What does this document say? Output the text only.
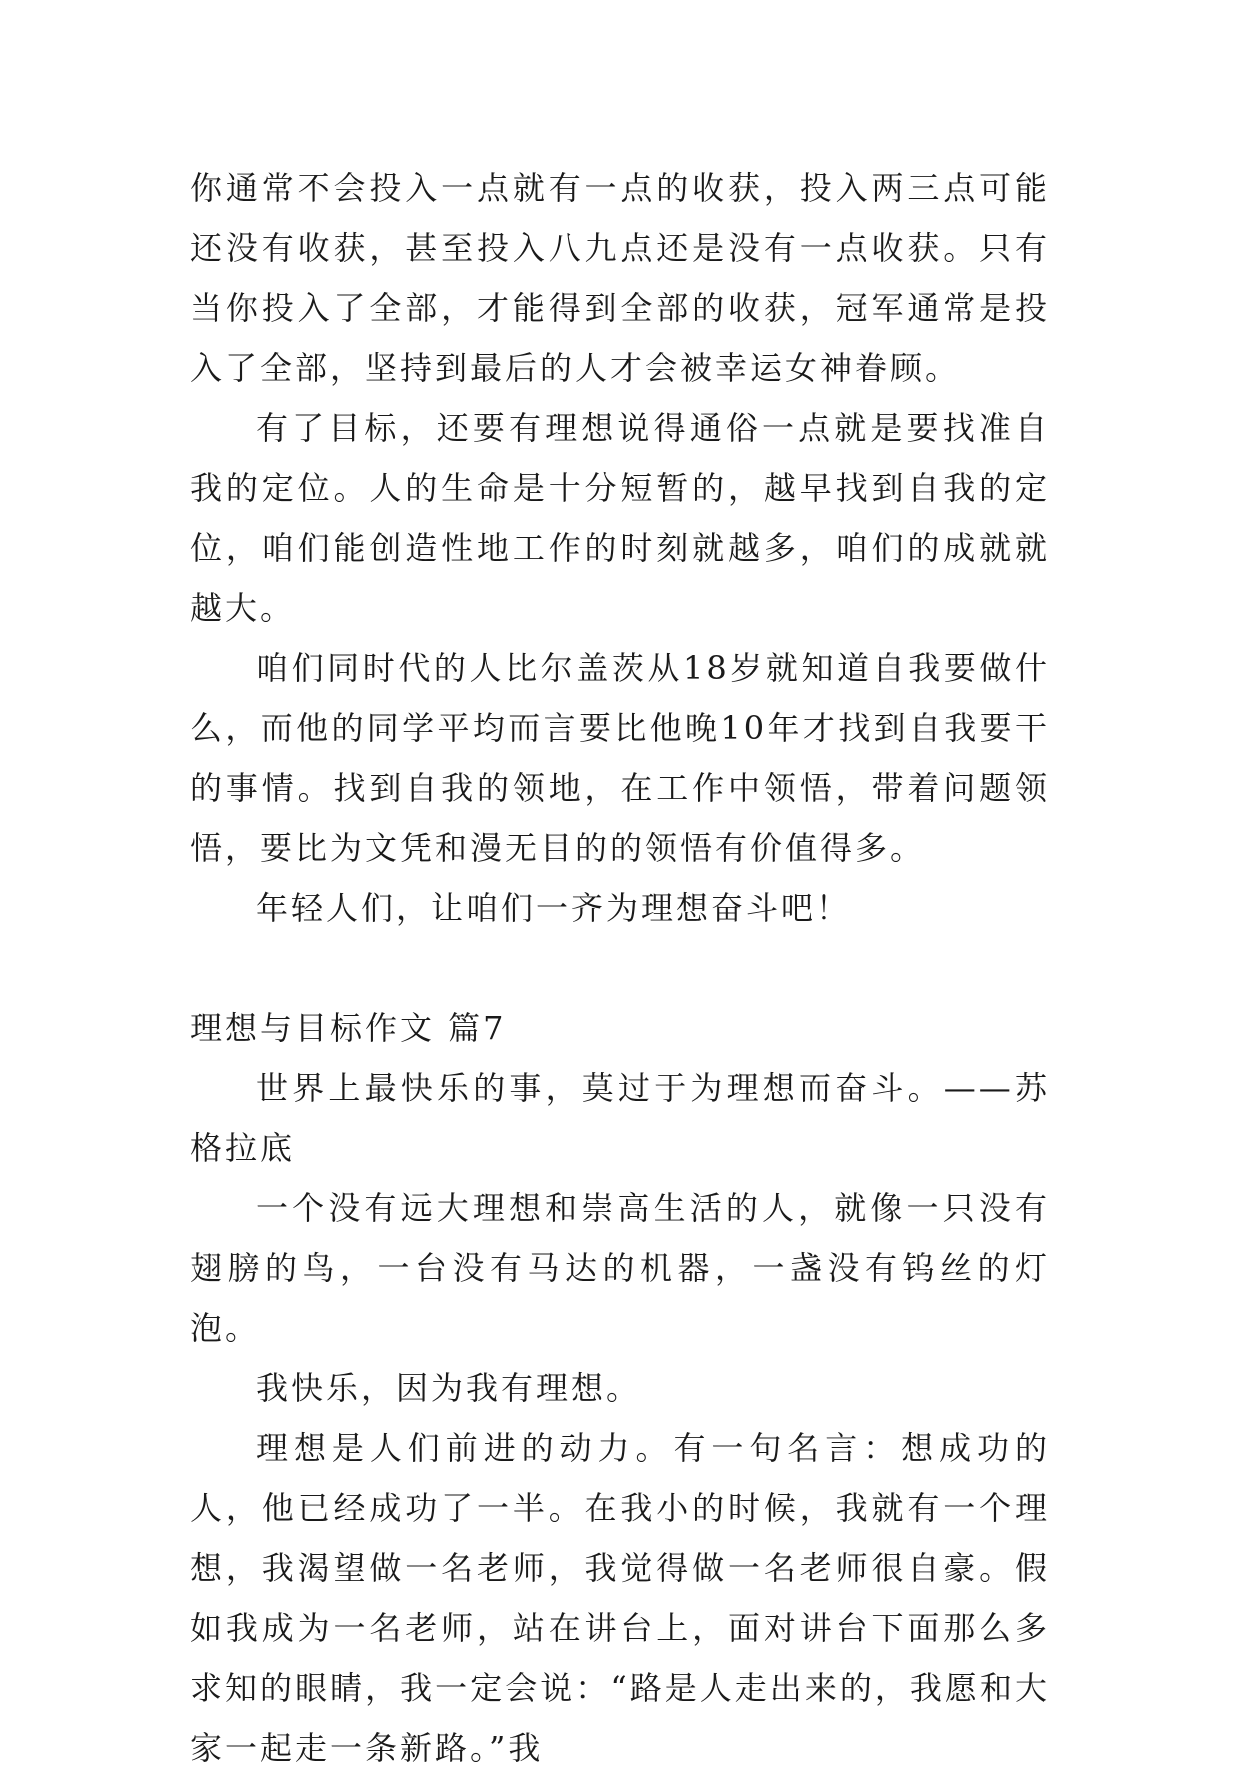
你通常不会投入一点就有一点的收获，投入两三点可能还没有收获，甚至投入八九点还是没有一点收获。只有当你投入了全部，才能得到全部的收获，冠军通常是投入了全部，坚持到最后的人才会被幸运女神眷顾。

有了目标，还要有理想说得通俗一点就是要找准自我的定位。人的生命是十分短暂的，越早找到自我的定位，咱们能创造性地工作的时刻就越多，咱们的成就就越大。

咱们同时代的人比尔盖茨从18岁就知道自我要做什么，而他的同学平均而言要比他晚10年才找到自我要干的事情。找到自我的领地，在工作中领悟，带着问题领悟，要比为文凭和漫无目的的领悟有价值得多。

年轻人们，让咱们一齐为理想奋斗吧！

理想与目标作文 篇7

世界上最快乐的事，莫过于为理想而奋斗。——苏格拉底

一个没有远大理想和崇高生活的人，就像一只没有翅膀的鸟，一台没有马达的机器，一盏没有钨丝的灯泡。

我快乐，因为我有理想。

理想是人们前进的动力。有一句名言：想成功的人，他已经成功了一半。在我小的时候，我就有一个理想，我渴望做一名老师，我觉得做一名老师很自豪。假如我成为一名老师，站在讲台上，面对讲台下面那么多求知的眼睛，我一定会说：“路是人走出来的，我愿和大家一起走一条新路。”我
